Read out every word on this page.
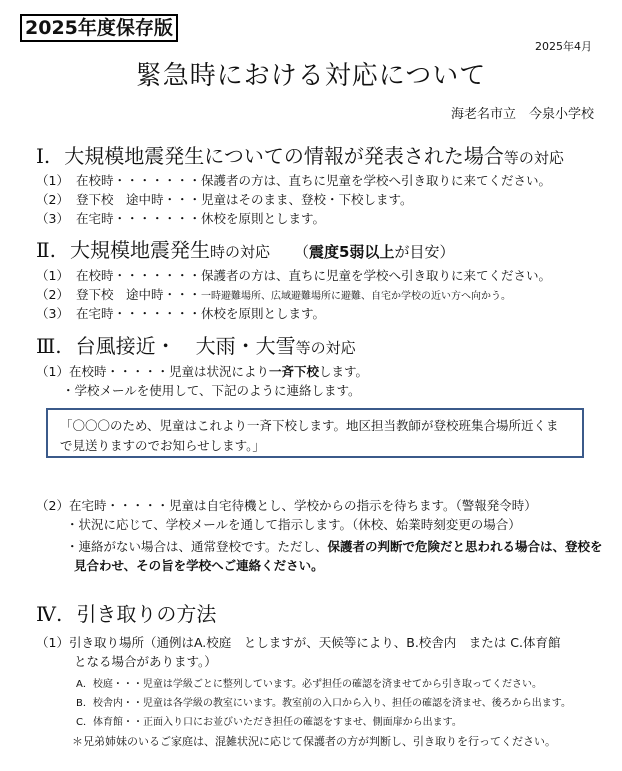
2025年度保存版
2025年4月
緊急時における対応について
海老名市立　今泉小学校
Ⅰ. 大規模地震発生についての情報が発表された場合等の対応
（1） 在校時・・・・・・・保護者の方は、直ちに児童を学校へ引き取りに来てください。
（2） 登下校　途中時・・・児童はそのまま、登校・下校します。
（3） 在宅時・・・・・・・休校を原則とします。
Ⅱ. 大規模地震発生時の対応 （震度5弱以上が目安）
（1） 在校時・・・・・・・保護者の方は、直ちに児童を学校へ引き取りに来てください。
（2） 登下校　途中時・・・一時避難場所、広域避難場所に避難、自宅か学校の近い方へ向かう。
（3） 在宅時・・・・・・・休校を原則とします。
Ⅲ. 台風接近・　大雨・大雪等の対応
（1）在校時・・・・・児童は状況により一斉下校します。
・学校メールを使用して、下記のように連絡します。
「〇〇〇のため、児童はこれより一斉下校します。地区担当教師が登校班集合場所近くまで見送りますのでお知らせします。」
（2）在宅時・・・・・児童は自宅待機とし、学校からの指示を待ちます。（警報発令時）
・状況に応じて、学校メールを通して指示します。（休校、始業時刻変更の場合）
・連絡がない場合は、通常登校です。ただし、保護者の判断で危険だと思われる場合は、登校を
見合わせ、その旨を学校へご連絡ください。
Ⅳ. 引き取りの方法
（1）引き取り場所（通例はA.校庭　としますが、天候等により、B.校舎内　または C.体育館
となる場合があります。）
A．校庭・・・児童は学級ごとに整列しています。必ず担任の確認を済ませてから引き取ってください。
B．校舎内・・児童は各学級の教室にいます。教室前の入口から入り、担任の確認を済ませ、後ろから出ます。
C．体育館・・正面入り口にお並びいただき担任の確認をすませ、側面扉から出ます。
＊兄弟姉妹のいるご家庭は、混雑状況に応じて保護者の方が判断し、引き取りを行ってください。
